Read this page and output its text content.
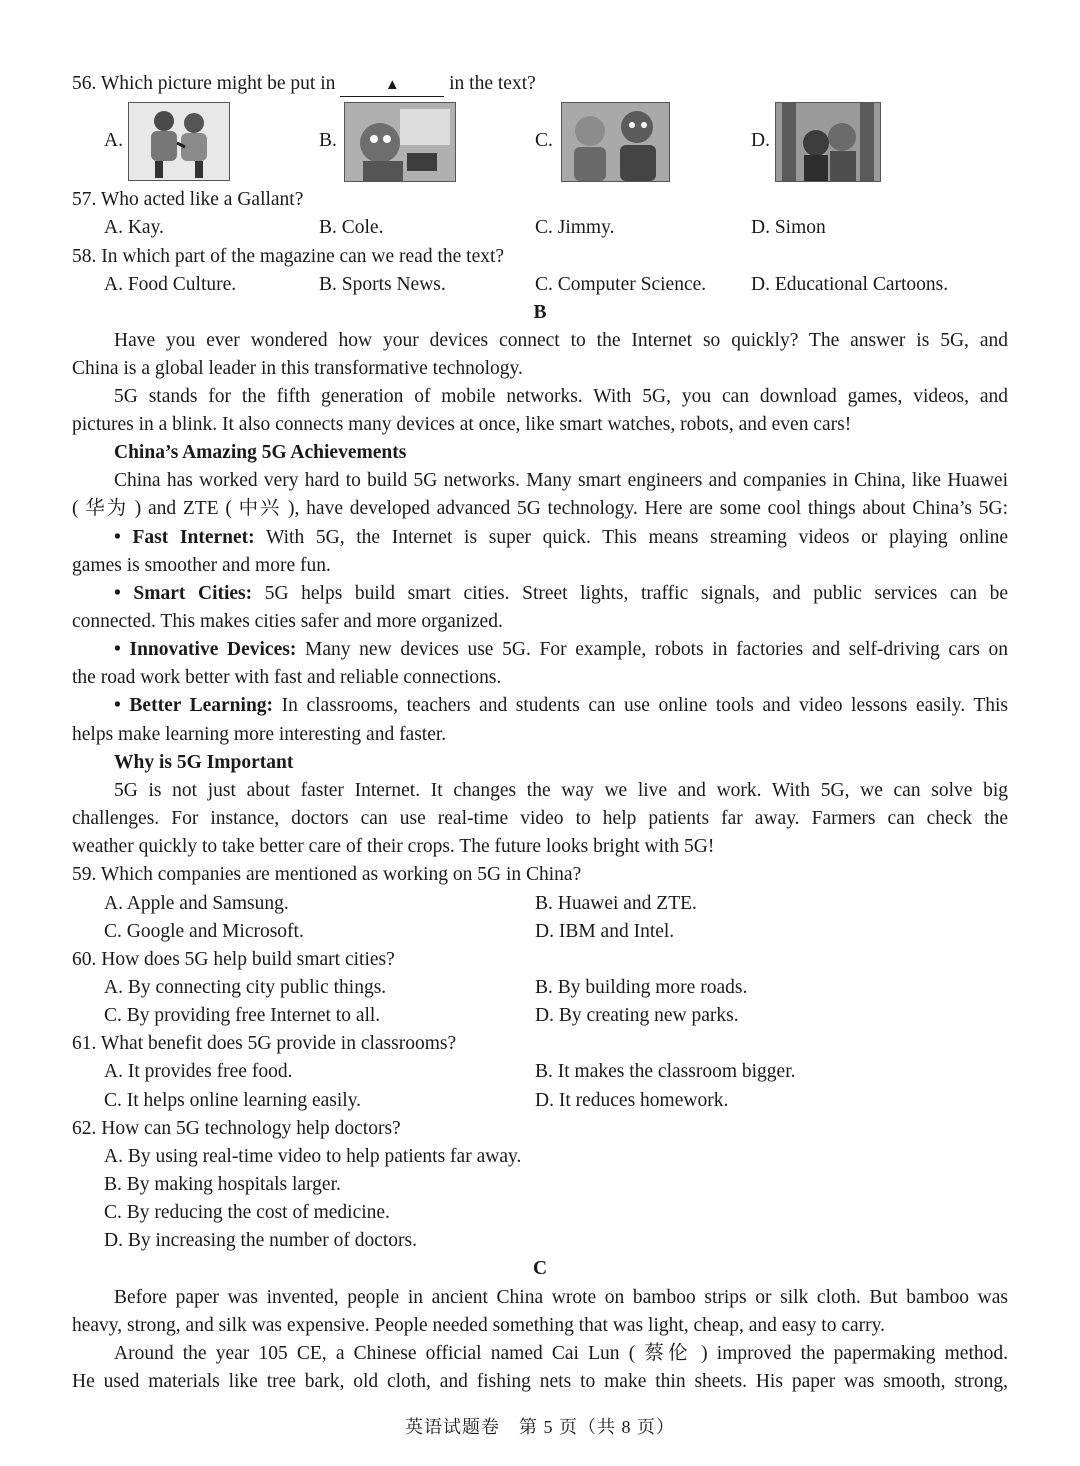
56. Which picture might be put in	▲ in the text?
A.	B.	C.	D.
57. Who acted like a Gallant?
A. Kay.	B. Cole.	C. Jimmy.	D. Simon
58. In which part of the magazine can we read the text?
A. Food Culture.	B. Sports News.	C. Computer Science. D. Educational Cartoons.
B
Have you ever wondered how your devices connect to the Internet so quickly? The answer is 5G, and
China is a global leader in this transformative technology.
5G stands for the fifth generation of mobile networks. With 5G, you can download games, videos, and
pictures in a blink. It also connects many devices at once, like smart watches, robots, and even cars!
China’s Amazing 5G Achievements
China has worked very hard to build 5G networks. Many smart engineers and companies in China, like Huawei
( 华为 ) and ZTE ( 中兴 ), have developed advanced 5G technology. Here are some cool things about China’s 5G:
• Fast Internet: With 5G, the Internet is super quick. This means streaming videos or playing online
games is smoother and more fun.
• Smart Cities: 5G helps build smart cities. Street lights, traffic signals, and public services can be
connected. This makes cities safer and more organized.
• Innovative Devices: Many new devices use 5G. For example, robots in factories and self-driving cars on
the road work better with fast and reliable connections.
• Better Learning: In classrooms, teachers and students can use online tools and video lessons easily. This
helps make learning more interesting and faster.
Why is 5G Important
5G is not just about faster Internet. It changes the way we live and work. With 5G, we can solve big
challenges. For instance, doctors can use real-time video to help patients far away. Farmers can check the
weather quickly to take better care of their crops. The future looks bright with 5G!
59. Which companies are mentioned as working on 5G in China?
A. Apple and Samsung.	B. Huawei and ZTE.
C. Google and Microsoft.	D. IBM and Intel.
60. How does 5G help build smart cities?
A. By connecting city public things.	B. By building more roads.
C. By providing free Internet to all.	D. By creating new parks.
61. What benefit does 5G provide in classrooms?
A. It provides free food.	B. It makes the classroom bigger.
C. It helps online learning easily.	D. It reduces homework.
62. How can 5G technology help doctors?
A. By using real-time video to help patients far away.
B. By making hospitals larger.
C. By reducing the cost of medicine.
D. By increasing the number of doctors.
C
Before paper was invented, people in ancient China wrote on bamboo strips or silk cloth. But bamboo was
heavy, strong, and silk was expensive. People needed something that was light, cheap, and easy to carry.
Around the year 105 CE, a Chinese official named Cai Lun ( 蔡伦 ) improved the papermaking method.
He used materials like tree bark, old cloth, and fishing nets to make thin sheets. His paper was smooth, strong,
英语试题卷　第 5 页（共 8 页）
